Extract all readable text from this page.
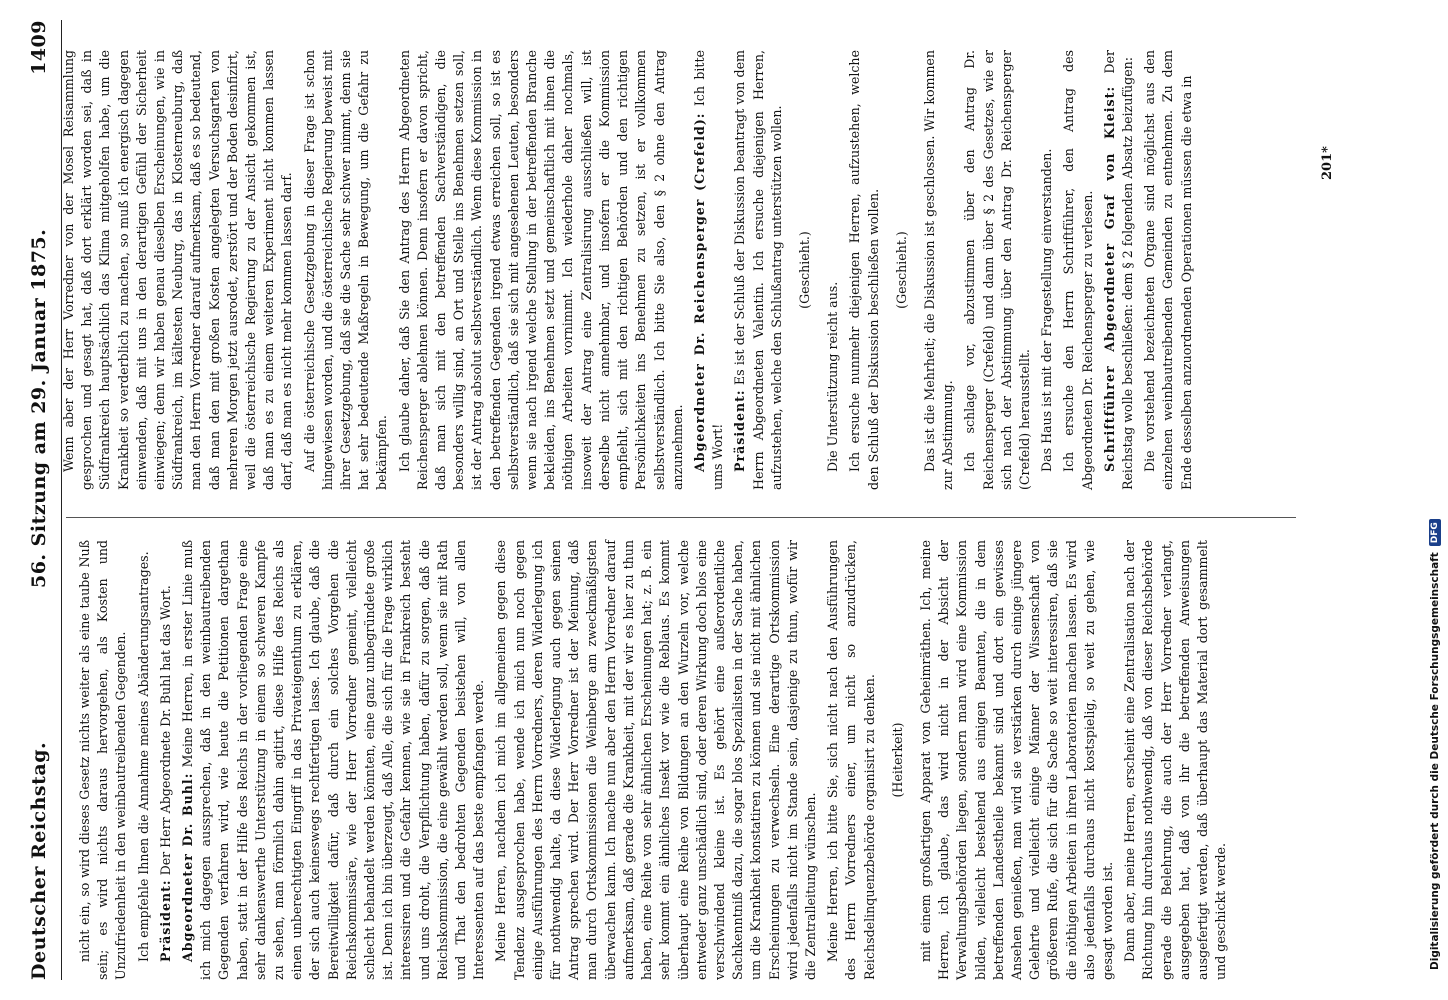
Deutscher Reichstag.
56. Sitzung am 29. Januar 1875.
1409

nicht ein, so wird dieses Gesetz nichts weiter als eine taube Nuß sein; es wird nichts daraus hervorgehen, als Kosten und Unzufriedenheit in den weinbautreibenden Gegenden. Ich empfehle Ihnen die Annahme meines Abänderungsantrages. Präsident: Der Herr Abgeordnete Dr. Buhl hat das Wort. Abgeordneter Dr. Buhl: Meine Herren, in erster Linie muß ich mich dagegen aussprechen, daß in den weinbautreibenden Gegenden verfahren wird, wie heute die Petitionen dargethan haben, statt in der Hilfe des Reichs in der vorliegenden Frage eine sehr dankenswerthe Unterstützung in einem so schweren Kampfe zu sehen, man förmlich dahin agitirt, diese Hilfe des Reichs als einen unberechtigten Eingriff in das Privateigenthum zu erklären, der sich auch keineswegs rechtfertigen lasse. Ich glaube, daß die Bereitwilligkeit dafür, daß durch ein solches Vorgehen die Reichskommissäre, wie der Herr Vorredner gemeint, vielleicht schlecht behandelt werden könnten, eine ganz unbegründete große ist. Denn ich bin überzeugt, daß Alle, die sich für die Frage wirklich interessiren und die Gefahr kennen, wie sie in Frankreich besteht und uns droht, die Verpflichtung haben, dafür zu sorgen, daß die Reichskommission, die eine gewählt werden soll, wenn sie mit Rath und That den bedrohten Gegenden beistehen will, von allen Interessenten auf das beste empfangen werde. Meine Herren, nachdem ich mich im allgemeinen gegen diese Tendenz ausgesprochen habe, wende ich mich nun noch gegen einige Ausführungen des Herrn Vorredners, deren Widerlegung ich für nothwendig halte, da diese Widerlegung auch gegen seinen Antrag sprechen wird. Der Herr Vorredner ist der Meinung, daß man durch Ortskommissionen die Weinberge am zweckmäßigsten überwachen kann. Ich mache nun aber den Herrn Vorredner darauf aufmerksam, daß gerade die Krankheit, mit der wir es hier zu thun haben, eine Reihe von sehr ähnlichen Erscheinungen hat; z. B. ein sehr kommt ein ähnliches Insekt vor wie die Reblaus. Es kommt überhaupt eine Reihe von Bildungen an den Wurzeln vor, welche entweder ganz unschädlich sind, oder deren Wirkung doch blos eine verschwindend kleine ist. Es gehört eine außerordentliche Sachkenntniß dazu, die sogar blos Spezialisten in der Sache haben, um die Krankheit konstatiren zu können und sie nicht mit ähnlichen Erscheinungen zu verwechseln. Eine derartige Ortskommission wird jedenfalls nicht im Stande sein, dasjenige zu thun, wofür wir die Zentralleitung wünschen. Meine Herren, ich bitte Sie, sich nicht nach den Ausführungen des Herrn Vorredners einer, um nicht so anzudrücken, Reichsdelinquenzbehörde organisirt zu denken. (Heiterkeit) mit einem großartigen Apparat von Geheimräthen. Ich, meine Herren, ich glaube, das wird nicht in der Absicht der Verwaltungsbehörden liegen, sondern man wird eine Kommission bilden, vielleicht bestehend aus einigen Beamten, die in dem betreffenden Landestheile bekannt sind und dort ein gewisses Ansehen genießen, man wird sie verstärken durch einige jüngere Gelehrte und vielleicht einige Männer der Wissenschaft von größerem Rufe, die sich für die Sache so weit interessiren, daß sie die nöthigen Arbeiten in ihren Laboratorien machen lassen. Es wird also jedenfalls durchaus nicht kostspielig, so weit zu gehen, wie gesagt worden ist. Dann aber, meine Herren, erscheint eine Zentralisation nach der Richtung hin durchaus nothwendig, daß von dieser Reichsbehörde gerade die Belehrung, die auch der Herr Vorredner verlangt, ausgegeben hat, daß von ihr die betreffenden Anweisungen ausgefertigt werden, daß überhaupt das Material dort gesammelt und geschickt werde.

Wenn aber der Herr Vorredner von der Mosel Reisammlung gesprochen und gesagt hat, daß dort erklärt worden sei, daß in Südfrankreich hauptsächlich das Klima mitgeholfen habe, um die Krankheit so verderblich zu machen, so muß ich energisch dagegen einwenden, daß mit uns in den derartigen Gefühl der Sicherheit einwiegen; denn wir haben genau dieselben Erscheinungen, wie in Südfrankreich, im kältesten Neuburg, das in Klosterneuburg, daß man den Herrn Vorredner darauf aufmerksam, daß es so bedeutend, daß man den mit großen Kosten angelegten Versuchsgarten von mehreren Morgen jetzt ausrodet, zerstört und der Boden desinfizirt, weil die österreichische Regierung zu der Ansicht gekommen ist, daß man es zu einem weiteren Experiment nicht kommen lassen darf, daß man es nicht mehr kommen lassen darf. Auf die österreichische Gesetzgebung in dieser Frage ist schon hingewiesen worden, und die österreichische Regierung beweist mit ihrer Gesetzgebung, daß sie die Sache sehr schwer nimmt, denn sie hat sehr bedeutende Maßregeln in Bewegung, um die Gefahr zu bekämpfen. Ich glaube daher, daß Sie den Antrag des Herrn Abgeordneten Reichensperger ablehnen können. Denn insofern er davon spricht, daß man sich mit den betreffenden Sachverständigen, die besonders willig sind, an Ort und Stelle ins Benehmen setzen soll, ist der Antrag absolut selbstverständlich. Wenn diese Kommission in den betreffenden Gegenden irgend etwas erreichen soll, so ist es selbstverständlich, daß sie sich mit angesehenen Leuten, besonders wenn sie nach irgend welche Stellung in der betreffenden Branche bekleiden, ins Benehmen setzt und gemeinschaftlich mit ihnen die nöthigen Arbeiten vornimmt. Ich wiederhole daher nochmals, insoweit der Antrag eine Zentralisirung ausschließen will, ist derselbe nicht annehmbar, und insofern er die Kommission empfiehlt, sich mit den richtigen Behörden und den richtigen Persönlichkeiten ins Benehmen zu setzen, ist er vollkommen selbstverständlich. Ich bitte Sie also, den § 2 ohne den Antrag anzunehmen. Abgeordneter Dr. Reichensperger (Crefeld): Ich bitte ums Wort! Präsident: Es ist der Schluß der Diskussion beantragt von dem Herrn Abgeordneten Valentin. Ich ersuche diejenigen Herren, aufzustehen, welche den Schlußantrag unterstützen wollen. (Geschieht.)

Die Unterstützung reicht aus. Ich ersuche nunmehr diejenigen Herren, aufzustehen, welche den Schluß der Diskussion beschließen wollen. (Geschieht.) Das ist die Mehrheit; die Diskussion ist geschlossen. Wir kommen zur Abstimmung. Ich schlage vor, abzustimmen über den Antrag Dr. Reichensperger (Crefeld) und dann über § 2 des Gesetzes, wie er sich nach der Abstimmung über den Antrag Dr. Reichensperger (Crefeld) herausstellt. Das Haus ist mit der Fragestellung einverstanden. Ich ersuche den Herrn Schriftführer, den Antrag des Abgeordneten Dr. Reichensperger zu verlesen. Schriftführer Abgeordneter Graf von Kleist: Der Reichstag wolle beschließen: dem § 2 folgenden Absatz beizufügen: Die vorstehend bezeichneten Organe sind möglichst aus den einzelnen weinbautreibenden Gemeinden zu entnehmen. Zu dem Ende desselben anzuordnenden Operationen müssen die etwa in	201*
Digitalisierung gefördert durch die Deutsche Forschungsgemeinschaft
DFG
